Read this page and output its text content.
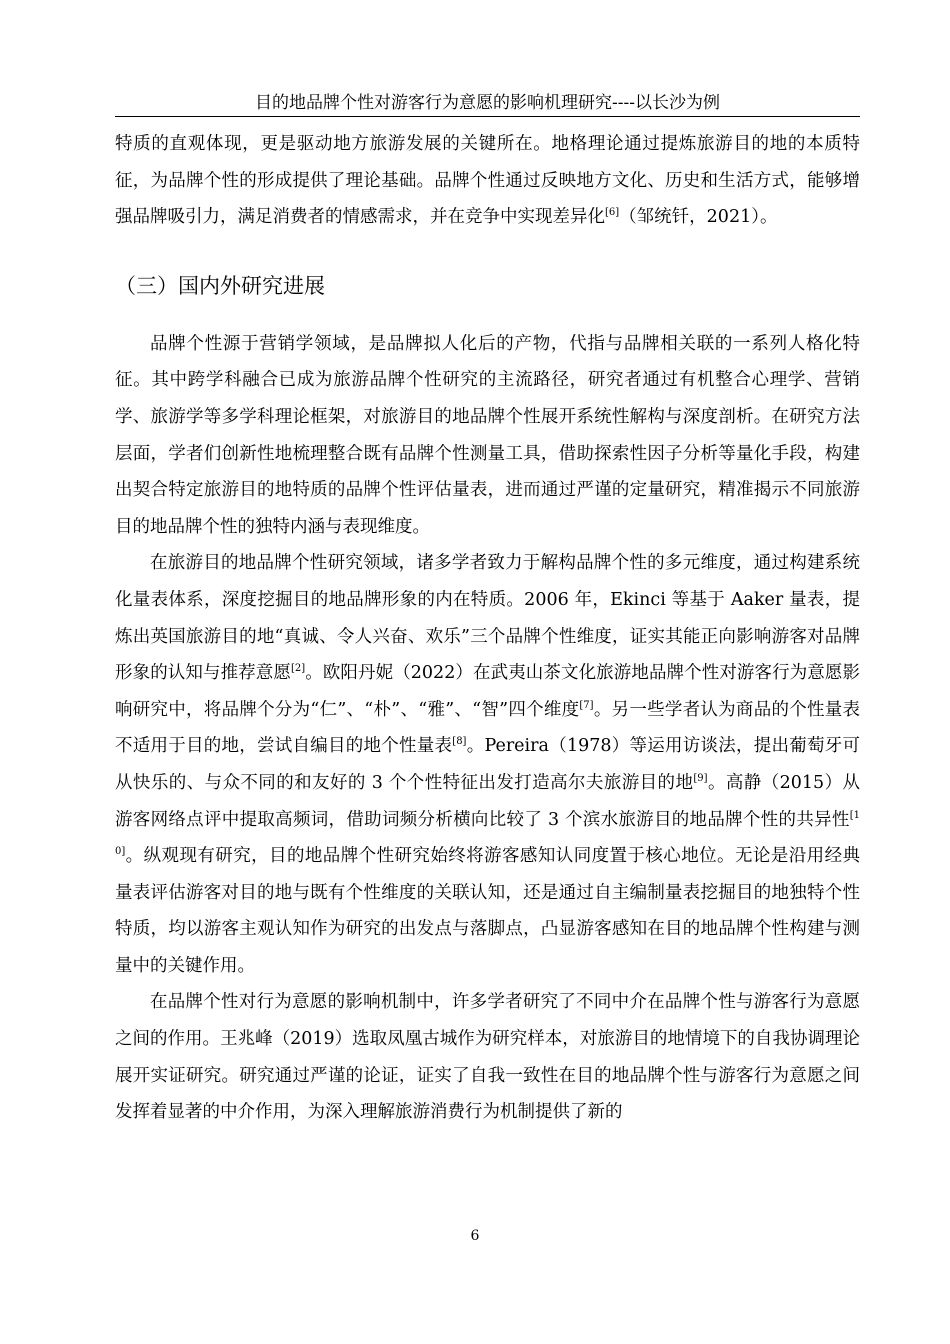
目的地品牌个性对游客行为意愿的影响机理研究----以长沙为例

特质的直观体现，更是驱动地方旅游发展的关键所在。地格理论通过提炼旅游目的地的本质特征，为品牌个性的形成提供了理论基础。品牌个性通过反映地方文化、历史和生活方式，能够增强品牌吸引力，满足消费者的情感需求，并在竞争中实现差异化[6]（邹统钎，2021）。

（三）国内外研究进展

品牌个性源于营销学领域，是品牌拟人化后的产物，代指与品牌相关联的一系列人格化特征。其中跨学科融合已成为旅游品牌个性研究的主流路径，研究者通过有机整合心理学、营销学、旅游学等多学科理论框架，对旅游目的地品牌个性展开系统性解构与深度剖析。在研究方法层面，学者们创新性地梳理整合既有品牌个性测量工具，借助探索性因子分析等量化手段，构建出契合特定旅游目的地特质的品牌个性评估量表，进而通过严谨的定量研究，精准揭示不同旅游目的地品牌个性的独特内涵与表现维度。

在旅游目的地品牌个性研究领域，诸多学者致力于解构品牌个性的多元维度，通过构建系统化量表体系，深度挖掘目的地品牌形象的内在特质。2006 年，Ekinci 等基于 Aaker 量表，提炼出英国旅游目的地“真诚、令人兴奋、欢乐”三个品牌个性维度，证实其能正向影响游客对品牌形象的认知与推荐意愿[2]。欧阳丹妮（2022）在武夷山茶文化旅游地品牌个性对游客行为意愿影响研究中，将品牌个分为“仁”、“朴”、“雅”、“智”四个维度[7]。另一些学者认为商品的个性量表不适用于目的地，尝试自编目的地个性量表[8]。Pereira（1978）等运用访谈法，提出葡萄牙可从快乐的、与众不同的和友好的 3 个个性特征出发打造高尔夫旅游目的地[9]。高静（2015）从游客网络点评中提取高频词，借助词频分析横向比较了 3 个滨水旅游目的地品牌个性的共异性[10]。纵观现有研究，目的地品牌个性研究始终将游客感知认同度置于核心地位。无论是沿用经典量表评估游客对目的地与既有个性维度的关联认知，还是通过自主编制量表挖掘目的地独特个性特质，均以游客主观认知作为研究的出发点与落脚点，凸显游客感知在目的地品牌个性构建与测量中的关键作用。

在品牌个性对行为意愿的影响机制中，许多学者研究了不同中介在品牌个性与游客行为意愿之间的作用。王兆峰（2019）选取凤凰古城作为研究样本，对旅游目的地情境下的自我协调理论展开实证研究。研究通过严谨的论证，证实了自我一致性在目的地品牌个性与游客行为意愿之间发挥着显著的中介作用，为深入理解旅游消费行为机制提供了新的

6
